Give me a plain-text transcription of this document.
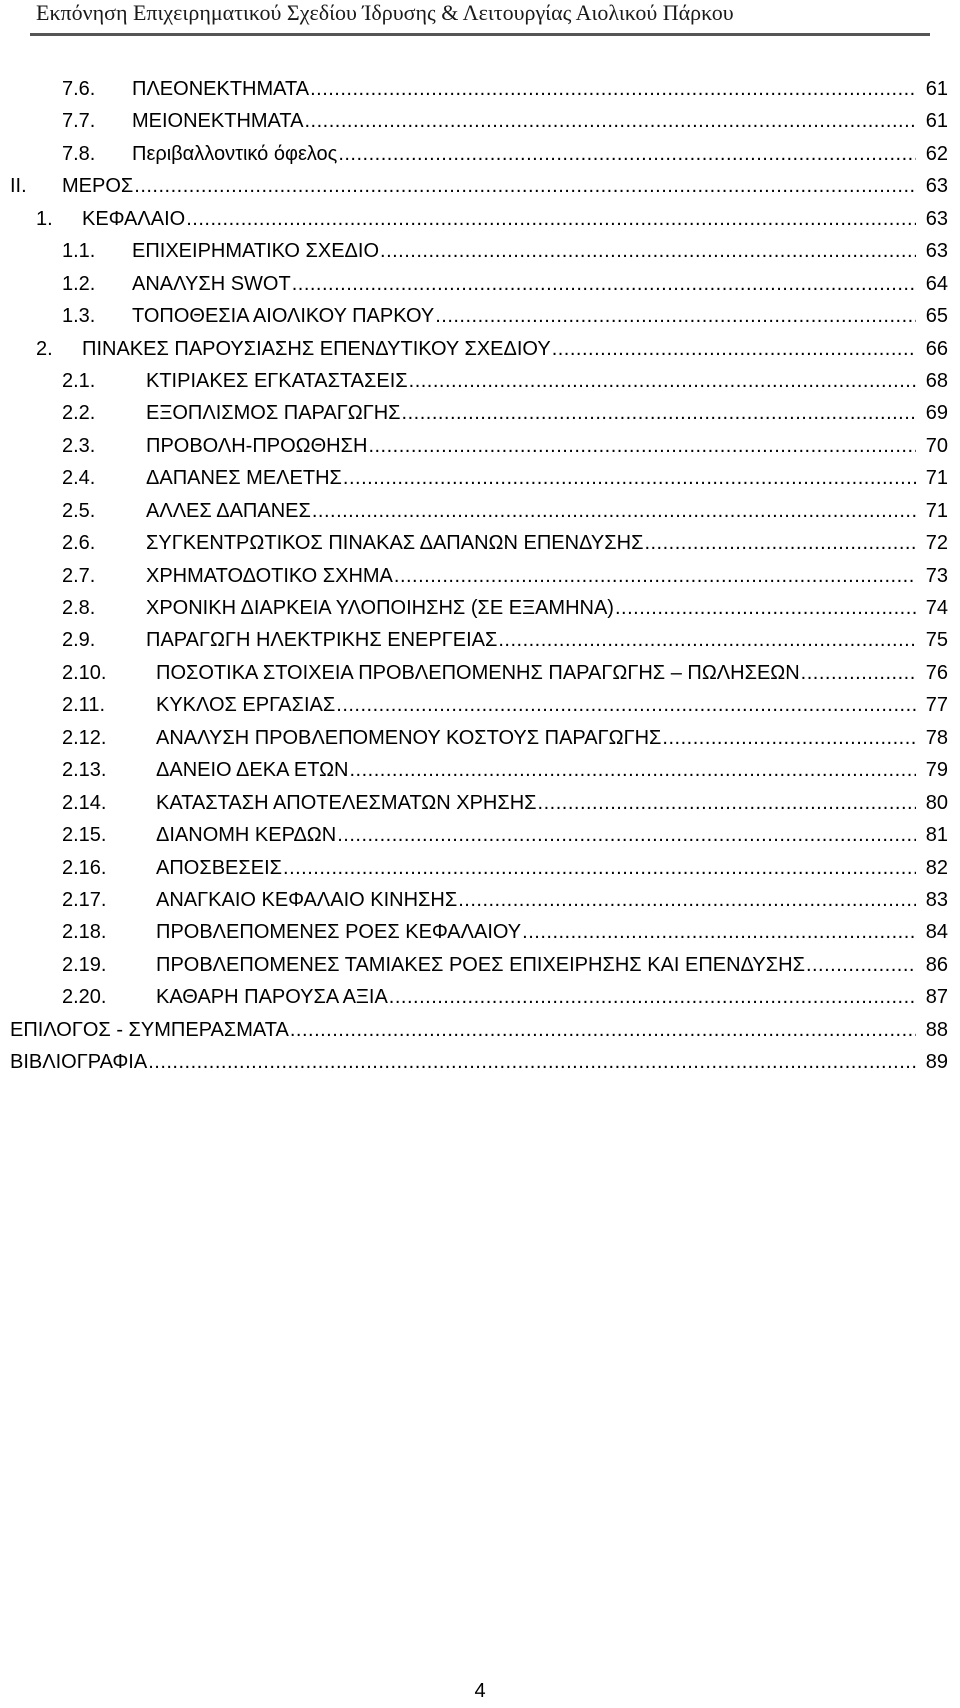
Εκπόνηση Επιχειρηματικού Σχεδίου Ίδρυσης & Λειτουργίας Αιολικού Πάρκου
7.6. ΠΛΕΟΝΕΚΤΗΜΑΤΑ .....	61
7.7. ΜΕΙΟΝΕΚΤΗΜΑΤΑ .....	61
7.8. Περιβαλλοντικό όφελος .....	62
II. ΜΕΡΟΣ .....	63
1. ΚΕΦΑΛΑΙΟ .....	63
1.1. ΕΠΙΧΕΙΡΗΜΑΤΙΚΟ ΣΧΕΔΙΟ .....	63
1.2. ΑΝΑΛΥΣΗ SWOT .....	64
1.3. ΤΟΠΟΘΕΣΙΑ ΑΙΟΛΙΚΟΥ ΠΑΡΚΟΥ .....	65
2. ΠΙΝΑΚΕΣ ΠΑΡΟΥΣΙΑΣΗΣ ΕΠΕΝΔΥΤΙΚΟΥ ΣΧΕΔΙΟΥ .....	66
2.1.	ΚΤΙΡΙΑΚΕΣ ΕΓΚΑΤΑΣΤΑΣΕΙΣ .....	68
2.2.	ΕΞΟΠΛΙΣΜΟΣ ΠΑΡΑΓΩΓΗΣ .....	69
2.3.	ΠΡΟΒΟΛΗ-ΠΡΟΩΘΗΣΗ .....	70
2.4.	ΔΑΠΑΝΕΣ ΜΕΛΕΤΗΣ .....	71
2.5.	ΑΛΛΕΣ ΔΑΠΑΝΕΣ .....	71
2.6.	ΣΥΓΚΕΝΤΡΩΤΙΚΟΣ ΠΙΝΑΚΑΣ ΔΑΠΑΝΩΝ ΕΠΕΝΔΥΣΗΣ .....	72
2.7.	ΧΡΗΜΑΤΟΔΟΤΙΚΟ ΣΧΗΜΑ .....	73
2.8.	ΧΡΟΝΙΚΗ ΔΙΑΡΚΕΙΑ ΥΛΟΠΟΙΗΣΗΣ (ΣΕ ΕΞΑΜΗΝΑ) .....	74
2.9.	ΠΑΡΑΓΩΓΗ ΗΛΕΚΤΡΙΚΗΣ ΕΝΕΡΓΕΙΑΣ .....	75
2.10. ΠΟΣΟΤΙΚΑ ΣΤΟΙΧΕΙΑ ΠΡΟΒΛΕΠΟΜΕΝΗΣ ΠΑΡΑΓΩΓΗΣ – ΠΩΛΗΣΕΩΝ .....	76
2.11.	ΚΥΚΛΟΣ ΕΡΓΑΣΙΑΣ .....	77
2.12. ΑΝΑΛΥΣΗ ΠΡΟΒΛΕΠΟΜΕΝΟΥ ΚΟΣΤΟΥΣ ΠΑΡΑΓΩΓΗΣ .....	78
2.13. ΔΑΝΕΙΟ ΔΕΚΑ ΕΤΩΝ .....	79
2.14. ΚΑΤΑΣΤΑΣΗ ΑΠΟΤΕΛΕΣΜΑΤΩΝ ΧΡΗΣΗΣ .....	80
2.15. ΔΙΑΝΟΜΗ ΚΕΡΔΩΝ .....	81
2.16. ΑΠΟΣΒΕΣΕΙΣ .....	82
2.17. ΑΝΑΓΚΑΙΟ ΚΕΦΑΛΑΙΟ ΚΙΝΗΣΗΣ .....	83
2.18. ΠΡΟΒΛΕΠΟΜΕΝΕΣ ΡΟΕΣ ΚΕΦΑΛΑΙΟΥ .....	84
2.19. ΠΡΟΒΛΕΠΟΜΕΝΕΣ ΤΑΜΙΑΚΕΣ ΡΟΕΣ ΕΠΙΧΕΙΡΗΣΗΣ ΚΑΙ ΕΠΕΝΔΥΣΗΣ .....	86
2.20. ΚΑΘΑΡΗ ΠΑΡΟΥΣΑ ΑΞΙΑ .....	87
ΕΠΙΛΟΓΟΣ - ΣΥΜΠΕΡΑΣΜΑΤΑ .....	88
ΒΙΒΛΙΟΓΡΑΦΙΑ .....	89
4
